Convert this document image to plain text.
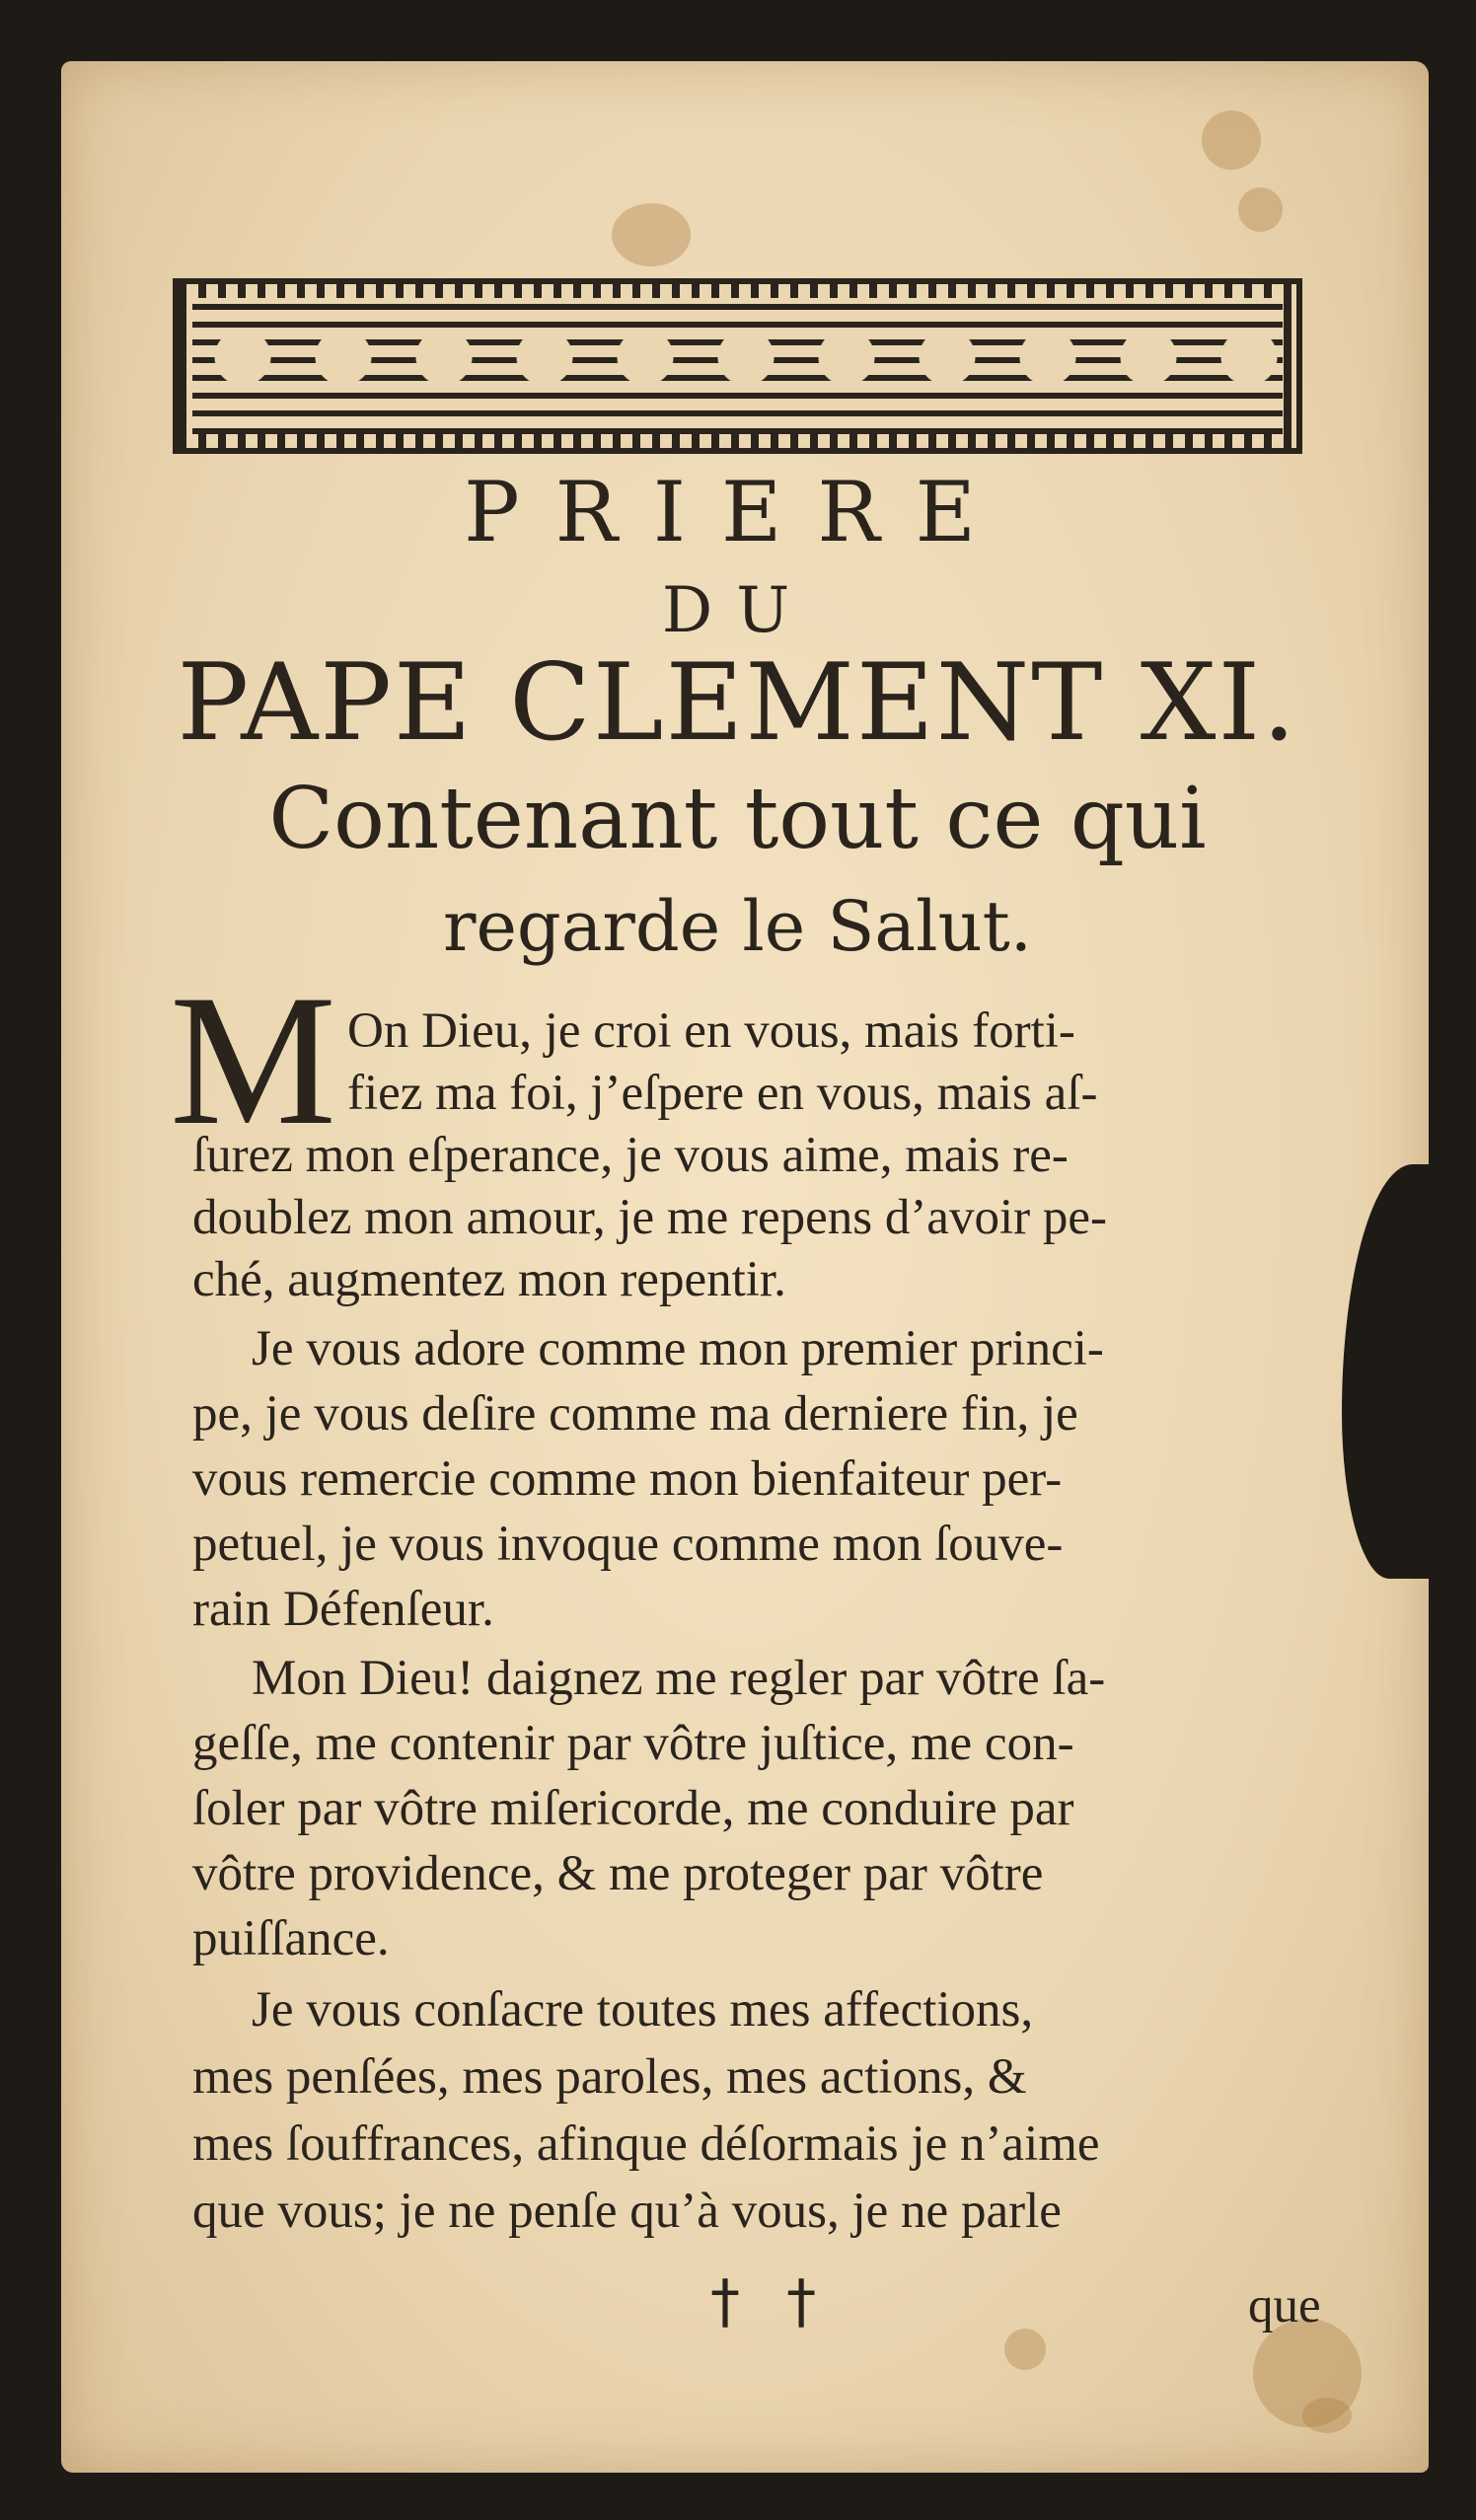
PRIERE
DU
PAPE CLEMENT XI.
Contenant tout ce qui
regarde le Salut.
M On Dieu, je croi en vous, mais forti-
fiez ma foi, j’eſpere en vous, mais aſ-
ſurez mon eſperance, je vous aime, mais re-
doublez mon amour, je me repens d’avoir pe-
ché, augmentez mon repentir.
Je vous adore comme mon premier princi-
pe, je vous deſire comme ma derniere fin, je
vous remercie comme mon bienfaiteur per-
petuel, je vous invoque comme mon ſouve-
rain Défenſeur.
Mon Dieu! daignez me regler par vôtre ſa-
geſſe, me contenir par vôtre juſtice, me con-
ſoler par vôtre miſericorde, me conduire par
vôtre providence, & me proteger par vôtre
puiſſance.
Je vous conſacre toutes mes affections,
mes penſées, mes paroles, mes actions, &
mes ſouffrances, afinque déſormais je n’aime
que vous; je ne penſe qu’à vous, je ne parle
† †	que
